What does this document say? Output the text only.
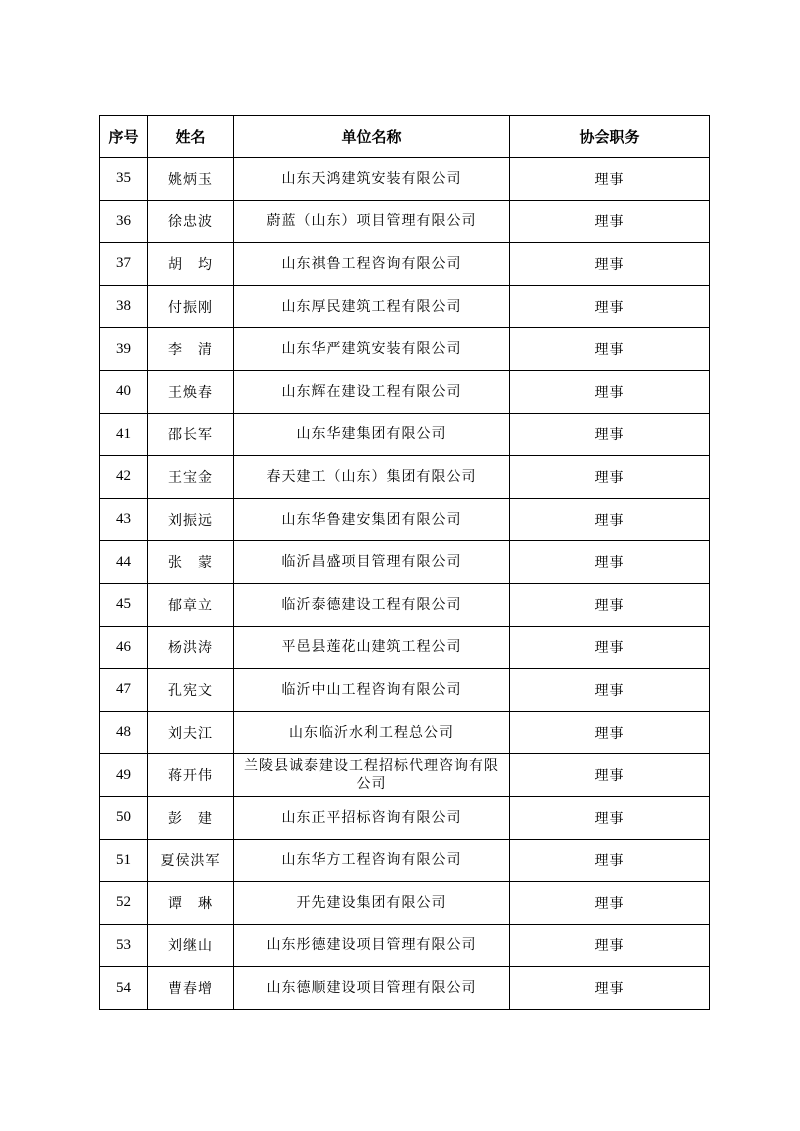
序号	姓名	单位名称	协会职务
35	姚炳玉	山东天鸿建筑安装有限公司	理事
36	徐忠波	蔚蓝（山东）项目管理有限公司	理事
37	胡　均	山东祺鲁工程咨询有限公司	理事
38	付振刚	山东厚民建筑工程有限公司	理事
39	李　清	山东华严建筑安装有限公司	理事
40	王焕春	山东辉在建设工程有限公司	理事
41	邵长军	山东华建集团有限公司	理事
42	王宝金	春天建工（山东）集团有限公司	理事
43	刘振远	山东华鲁建安集团有限公司	理事
44	张　蒙	临沂昌盛项目管理有限公司	理事
45	郁章立	临沂泰德建设工程有限公司	理事
46	杨洪涛	平邑县莲花山建筑工程公司	理事
47	孔宪文	临沂中山工程咨询有限公司	理事
48	刘夫江	山东临沂水利工程总公司	理事
49	蒋开伟	兰陵县诚泰建设工程招标代理咨询有限公司	理事
50	彭　建	山东正平招标咨询有限公司	理事
51	夏侯洪军	山东华方工程咨询有限公司	理事
52	谭　琳	开先建设集团有限公司	理事
53	刘继山	山东彤德建设项目管理有限公司	理事
54	曹春增	山东德顺建设项目管理有限公司	理事
